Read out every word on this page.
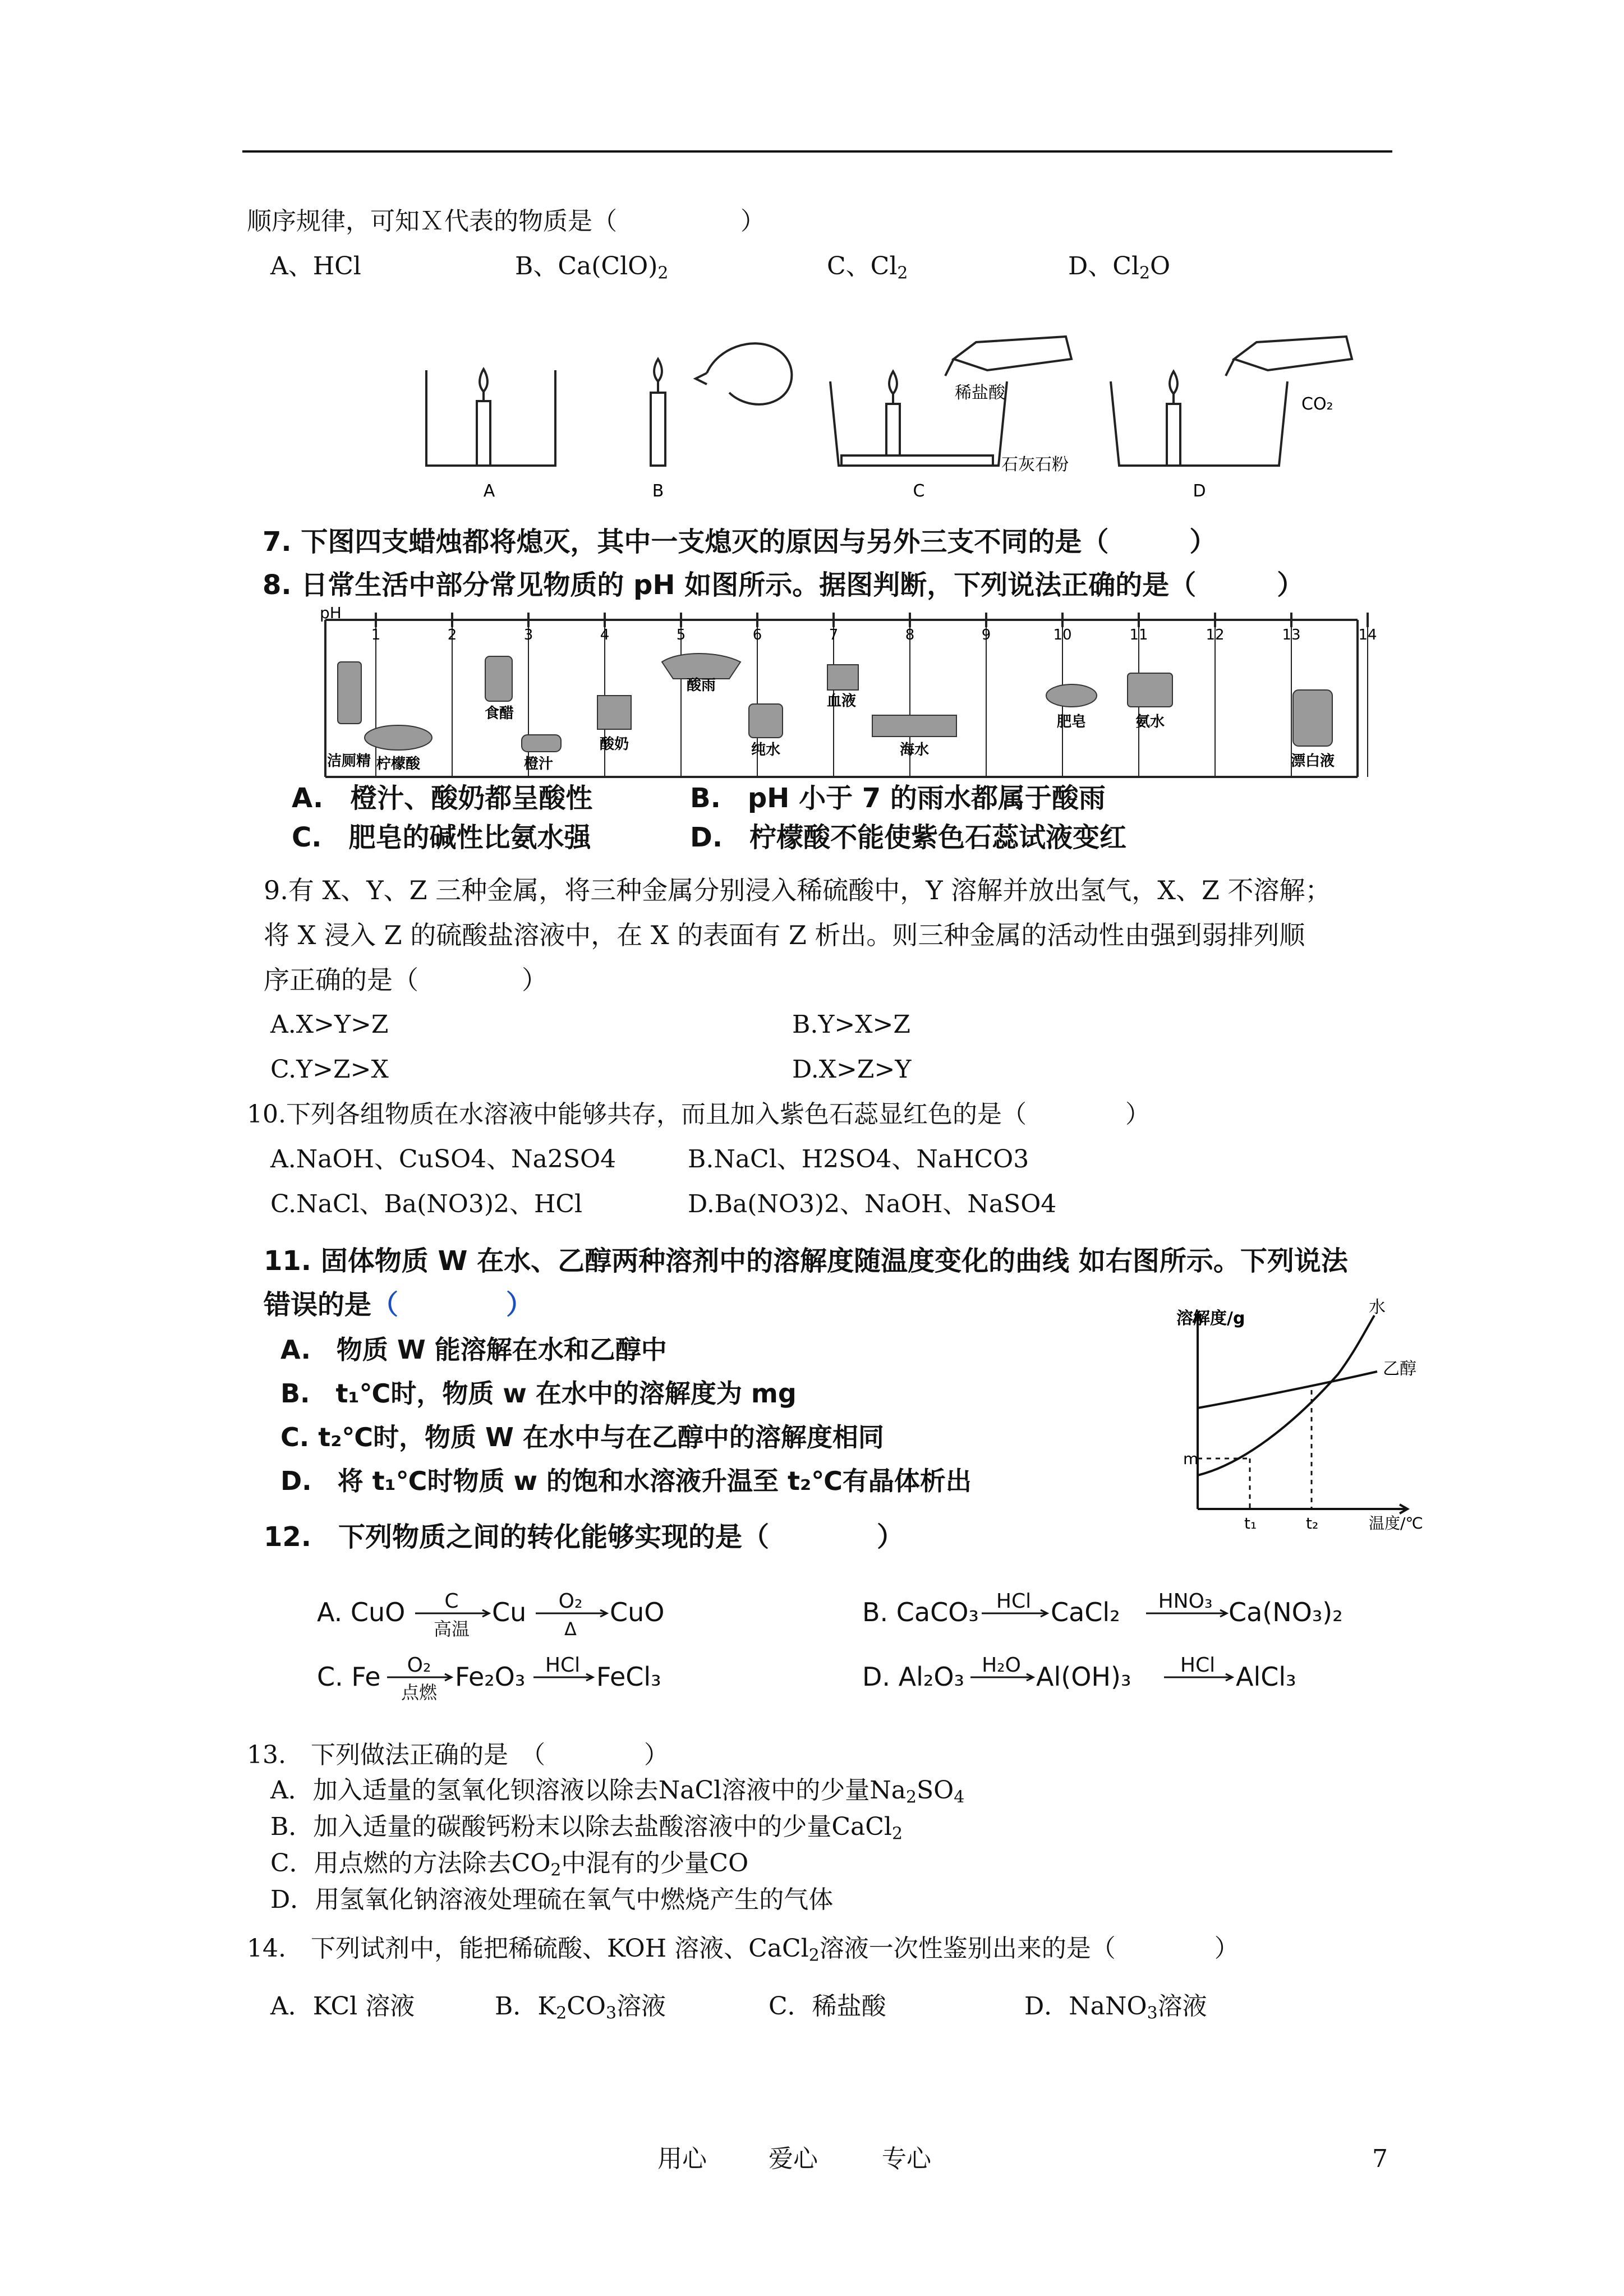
顺序规律，可知Ｘ代表的物质是（　　　　　）
A、HCl	B、$Ca(ClO)_2$	C、$Cl_2$	D、$Cl_2O$
A	B	C	D
稀盐酸
石灰石粉
CO₂
7. 下图四支蜡烛都将熄灭，其中一支熄灭的原因与另外三支不同的是（　　　）
8. 日常生活中部分常见物质的 pH 如图所示。据图判断，下列说法正确的是（　　　）
1	2	3	4	5	6	7	8	9	10	11	12	13	14
pH
洁厕精 柠檬酸
食醋
橙汁
酸奶
酸雨
纯水
血液
海水
肥皂	氨水
漂白液
A.　橙汁、酸奶都呈酸性	B.　pH 小于 7 的雨水都属于酸雨
C.　肥皂的碱性比氨水强	D.　柠檬酸不能使紫色石蕊试液变红
9.有 X、Y、Z 三种金属，将三种金属分别浸入稀硫酸中，Y 溶解并放出氢气，X、Z 不溶解；
将 X 浸入 Z 的硫酸盐溶液中，在 X 的表面有 Z 析出。则三种金属的活动性由强到弱排列顺
序正确的是（　　　　）
A.X>Y>Z	B.Y>X>Z
C.Y>Z>X	D.X>Z>Y
10.下列各组物质在水溶液中能够共存，而且加入紫色石蕊显红色的是（　　　　）
A.NaOH、CuSO4、Na2SO4	B.NaCl、H2SO4、NaHCO3
C.NaCl、Ba(NO3)2、HCl	D.Ba(NO3)2、NaOH、NaSO4
11. 固体物质 W 在水、乙醇两种溶剂中的溶解度随温度变化的曲线 如右图所示。下列说法
错误的是（　　　　）
A.　物质 W 能溶解在水和乙醇中
B.　t₁℃时，物质 w 在水中的溶解度为 mg
C. t₂℃时，物质 W 在水中与在乙醇中的溶解度相同
D.　将 t₁℃时物质 w 的饱和水溶液升温至 t₂℃有晶体析出
溶解度/g
水
乙醇
m
t₁	t₂	温度/℃
12.　下列物质之间的转化能够实现的是（　　　　）
A. CuO C
高温
Cu O₂
Δ
CuO	B. CaCO₃ HCl CaCl₂ HNO₃ Ca(NO₃)₂
C. Fe O₂
点燃
Fe₂O₃ HCl FeCl₃	D. Al₂O₃ H₂O Al(OH)₃ HCl AlCl₃
13.　下列做法正确的是　（　　　　）
A．加入适量的氢氧化钡溶液以除去NaCl溶液中的少量$Na_2SO_4$
B．加入适量的碳酸钙粉末以除去盐酸溶液中的少量CaCl$_2$
C．用点燃的方法除去$CO_2$中混有的少量CO
D．用氢氧化钠溶液处理硫在氧气中燃烧产生的气体
14.　下列试剂中，能把稀硫酸、KOH 溶液、CaCl$_2$溶液一次性鉴别出来的是（　　　　）
A．KCl 溶液	B．$K_2CO_3$溶液	C．稀盐酸	D．NaNO$_3$溶液
用心	爱心	专心	7
